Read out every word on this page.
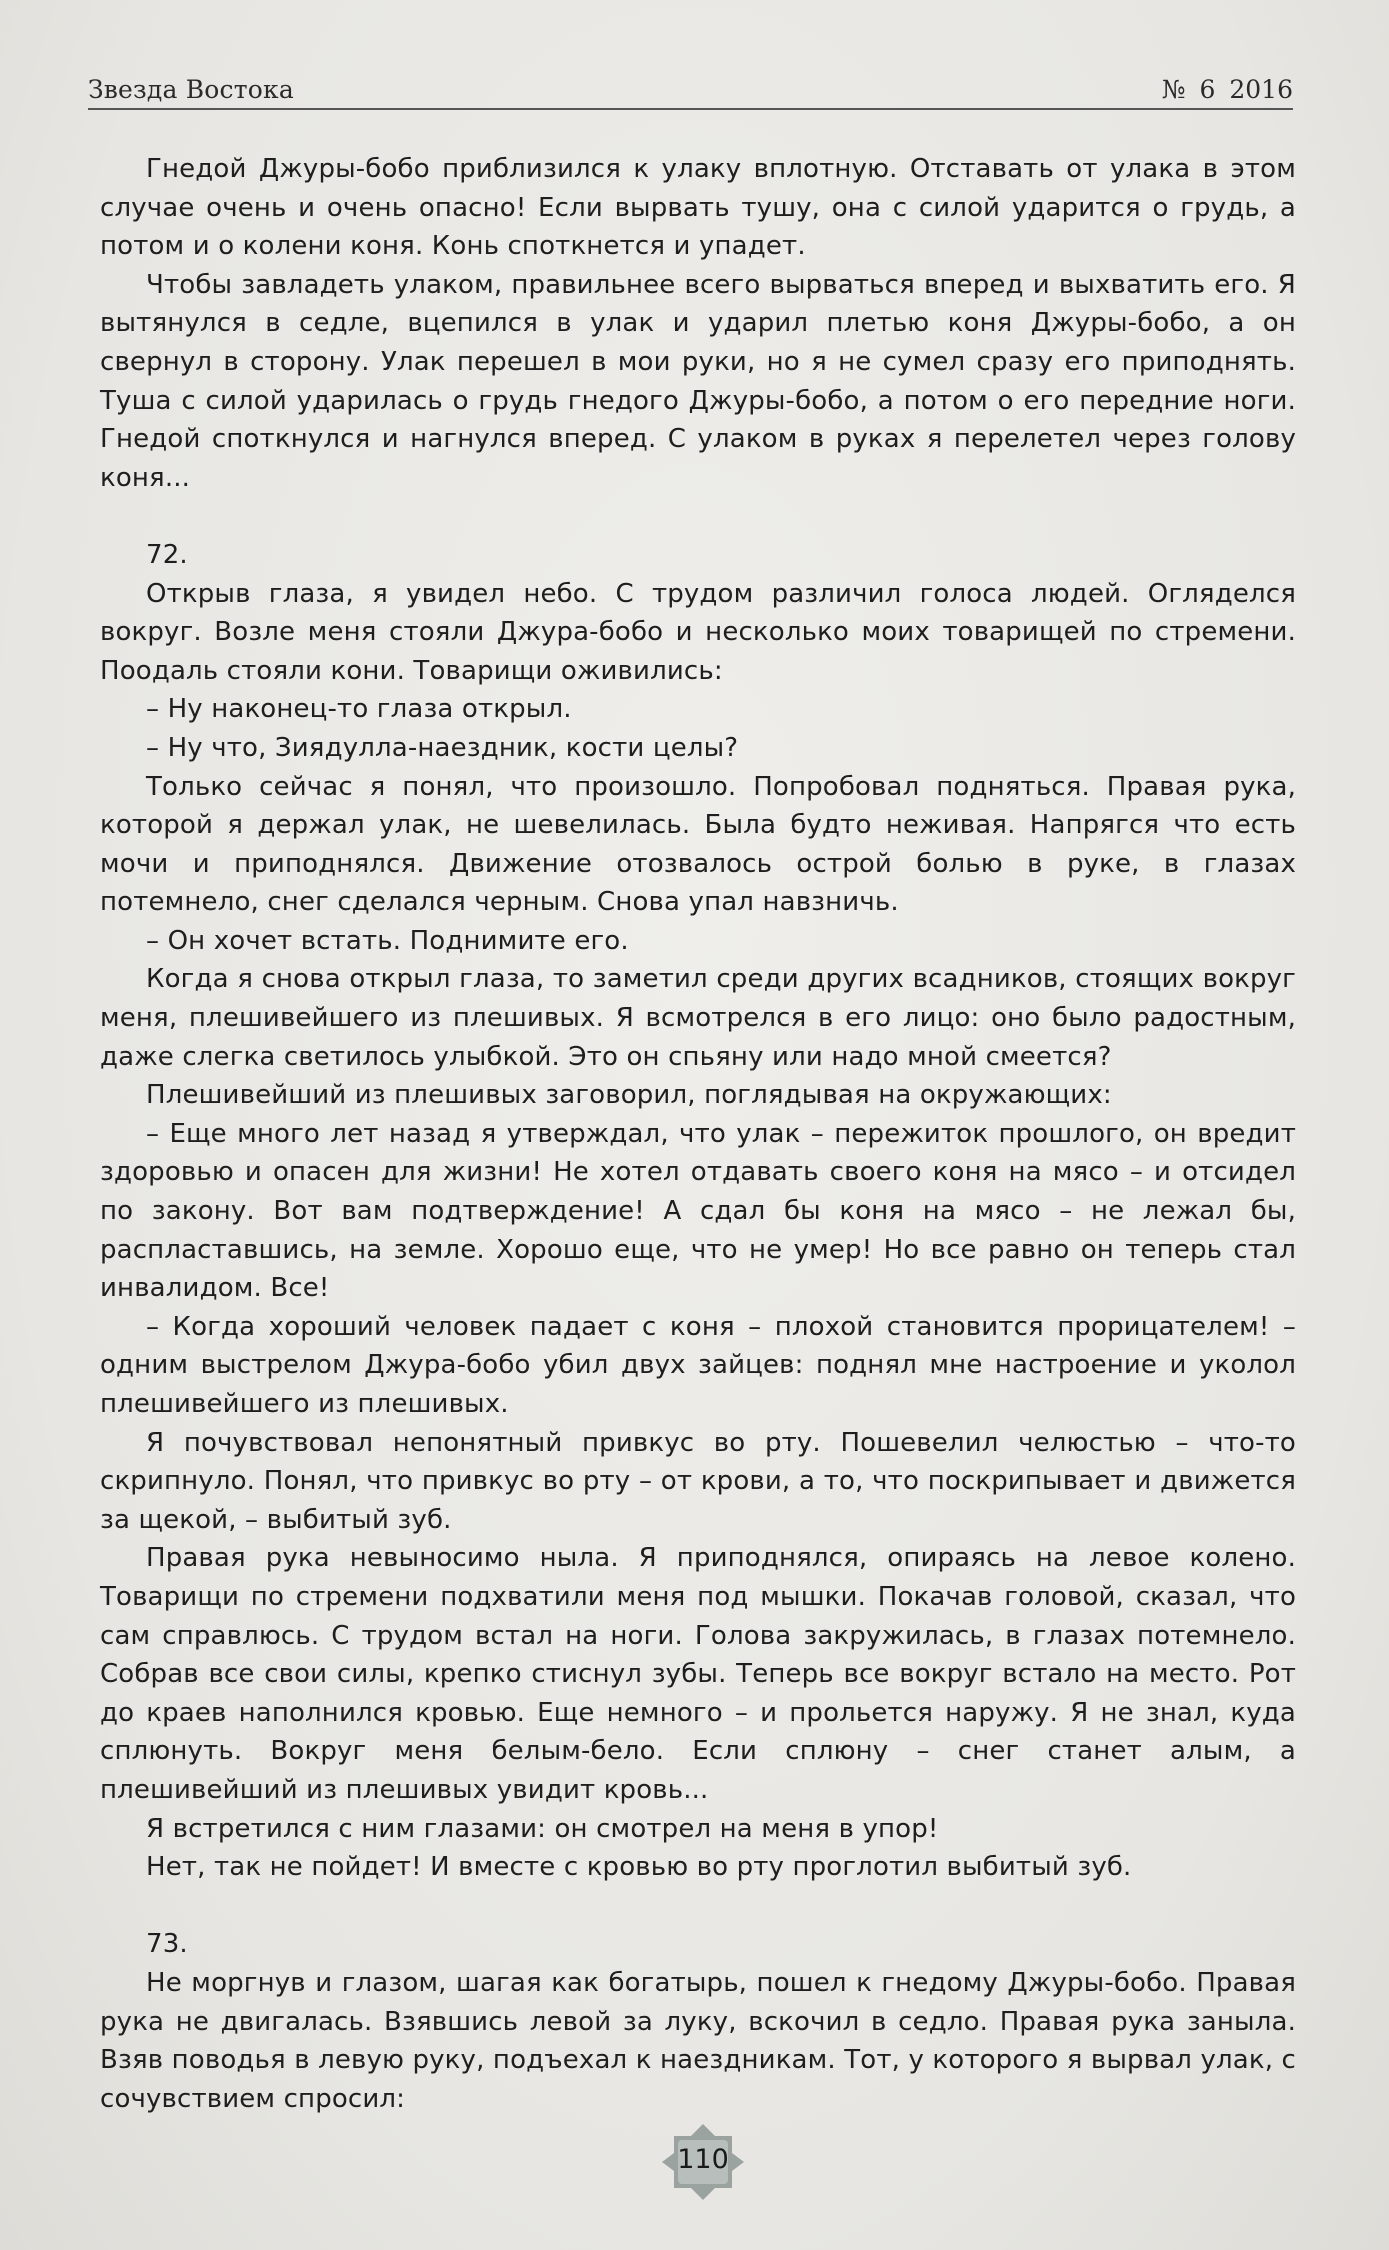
Звезда Востока	№ 6 2016

Гнедой Джуры-бобо приблизился к улаку вплотную. Отставать от улака в этом случае очень и очень опасно! Если вырвать тушу, она с силой ударится о грудь, а потом и о колени коня. Конь споткнется и упадет.

Чтобы завладеть улаком, правильнее всего вырваться вперед и выхватить его. Я вытянулся в седле, вцепился в улак и ударил плетью коня Джуры-бобо, а он свернул в сторону. Улак перешел в мои руки, но я не сумел сразу его приподнять. Туша с силой ударилась о грудь гнедого Джуры-бобо, а потом о его передние ноги. Гнедой споткнулся и нагнулся вперед. С улаком в руках я перелетел через голову коня...

72.

Открыв глаза, я увидел небо. С трудом различил голоса людей. Огляделся вокруг. Возле меня стояли Джура-бобо и несколько моих товарищей по стремени. Поодаль стояли кони. Товарищи оживились:

– Ну наконец-то глаза открыл.

– Ну что, Зиядулла-наездник, кости целы?

Только сейчас я понял, что произошло. Попробовал подняться. Правая рука, которой я держал улак, не шевелилась. Была будто неживая. Напрягся что есть мочи и приподнялся. Движение отозвалось острой болью в руке, в глазах потемнело, снег сделался черным. Снова упал навзничь.

– Он хочет встать. Поднимите его.

Когда я снова открыл глаза, то заметил среди других всадников, стоящих вокруг меня, плешивейшего из плешивых. Я всмотрелся в его лицо: оно было радостным, даже слегка светилось улыбкой. Это он спьяну или надо мной смеется?

Плешивейший из плешивых заговорил, поглядывая на окружающих:

– Еще много лет назад я утверждал, что улак – пережиток прошлого, он вредит здоровью и опасен для жизни! Не хотел отдавать своего коня на мясо – и отсидел по закону. Вот вам подтверждение! А сдал бы коня на мясо – не лежал бы, распластавшись, на земле. Хорошо еще, что не умер! Но все равно он теперь стал инвалидом. Все!

– Когда хороший человек падает с коня – плохой становится прорицателем! – одним выстрелом Джура-бобо убил двух зайцев: поднял мне настроение и уколол плешивейшего из плешивых.

Я почувствовал непонятный привкус во рту. Пошевелил челюстью – что-то скрипнуло. Понял, что привкус во рту – от крови, а то, что поскрипывает и движется за щекой, – выбитый зуб.

Правая рука невыносимо ныла. Я приподнялся, опираясь на левое колено. Товарищи по стремени подхватили меня под мышки. Покачав головой, сказал, что сам справлюсь. С трудом встал на ноги. Голова закружилась, в глазах потемнело. Собрав все свои силы, крепко стиснул зубы. Теперь все вокруг встало на место. Рот до краев наполнился кровью. Еще немного – и прольется наружу. Я не знал, куда сплюнуть. Вокруг меня белым-бело. Если сплюну – снег станет алым, а плешивейший из плешивых увидит кровь...

Я встретился с ним глазами: он смотрел на меня в упор!

Нет, так не пойдет! И вместе с кровью во рту проглотил выбитый зуб.

73.

Не моргнув и глазом, шагая как богатырь, пошел к гнедому Джуры-бобо. Правая рука не двигалась. Взявшись левой за луку, вскочил в седло. Правая рука заныла. Взяв поводья в левую руку, подъехал к наездникам. Тот, у которого я вырвал улак, с сочувствием спросил:

110
